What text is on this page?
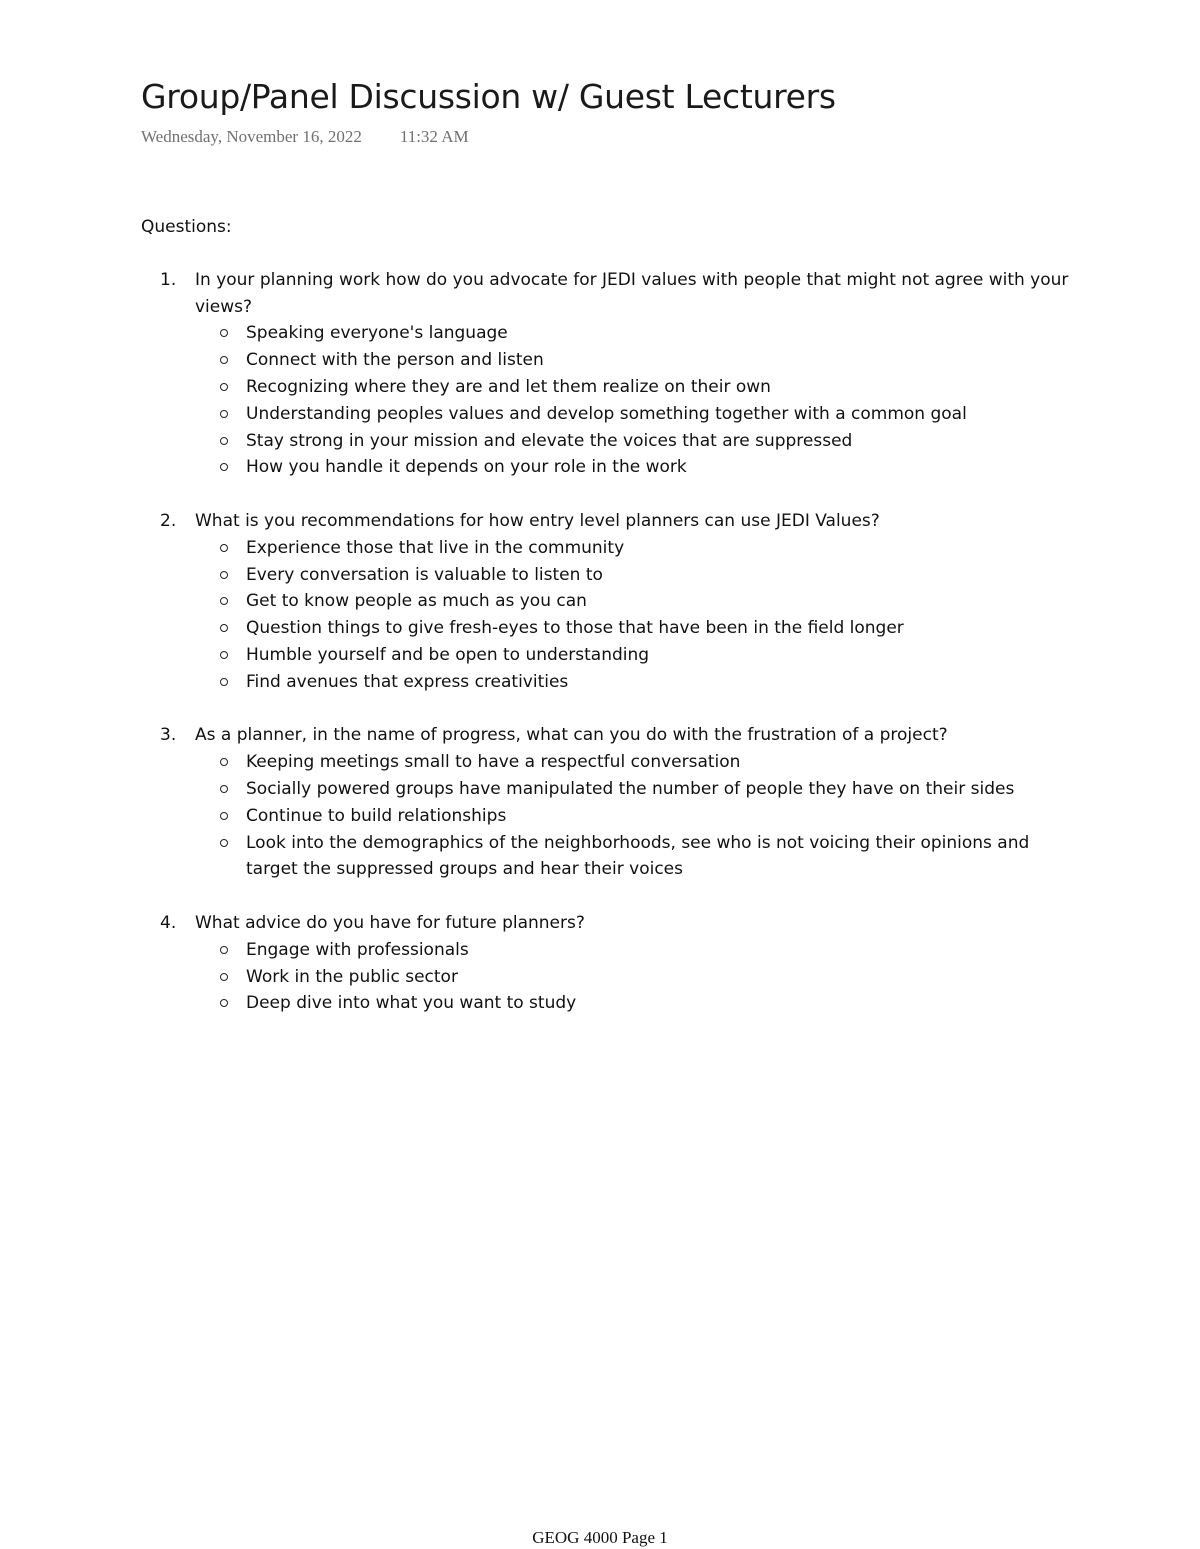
Group/Panel Discussion w/ Guest Lecturers
Wednesday, November 16, 2022 11:32 AM
Questions:
1. In your planning work how do you advocate for JEDI values with people that might not agree with your views?
Speaking everyone's language
Connect with the person and listen
Recognizing where they are and let them realize on their own
Understanding peoples values and develop something together with a common goal
Stay strong in your mission and elevate the voices that are suppressed
How you handle it depends on your role in the work
2. What is you recommendations for how entry level planners can use JEDI Values?
Experience those that live in the community
Every conversation is valuable to listen to
Get to know people as much as you can
Question things to give fresh-eyes to those that have been in the field longer
Humble yourself and be open to understanding
Find avenues that express creativities
3. As a planner, in the name of progress, what can you do with the frustration of a project?
Keeping meetings small to have a respectful conversation
Socially powered groups have manipulated the number of people they have on their sides
Continue to build relationships
Look into the demographics of the neighborhoods, see who is not voicing their opinions and target the suppressed groups and hear their voices
4. What advice do you have for future planners?
Engage with professionals
Work in the public sector
Deep dive into what you want to study
GEOG 4000 Page 1
